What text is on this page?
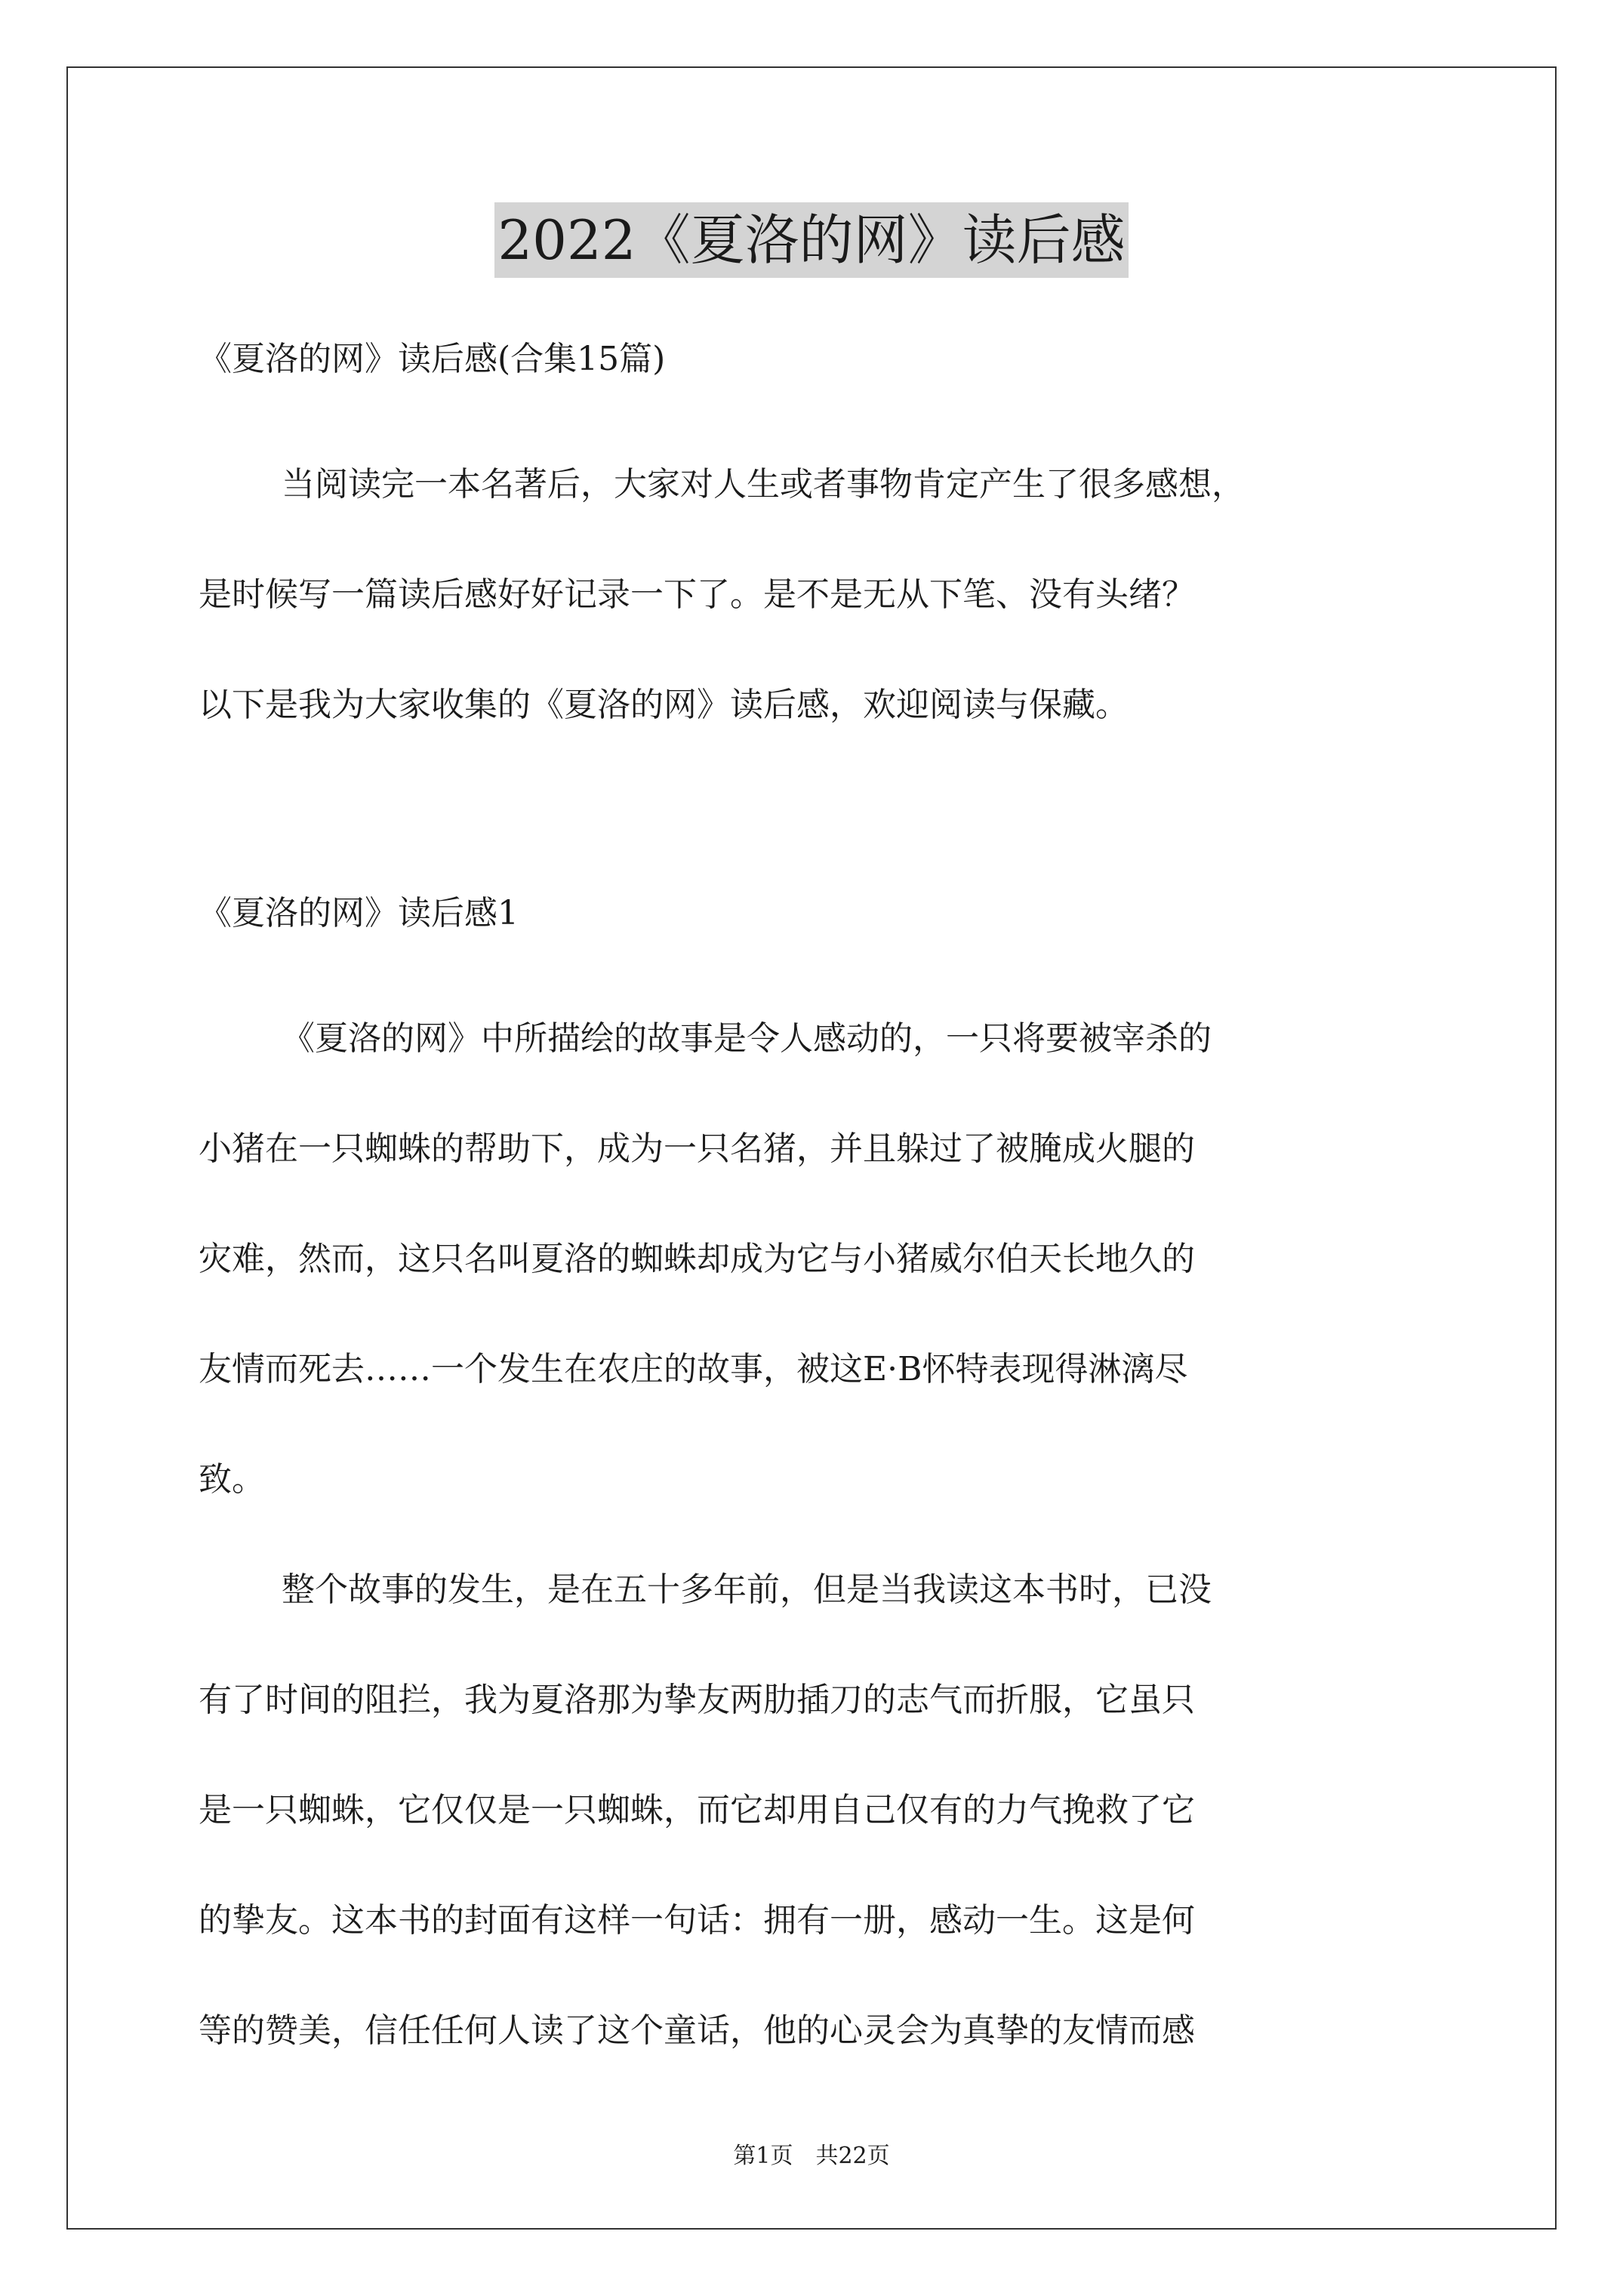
2022《夏洛的网》读后感
《夏洛的网》读后感(合集15篇)
当阅读完一本名著后，大家对人生或者事物肯定产生了很多感想，
是时候写一篇读后感好好记录一下了。是不是无从下笔、没有头绪？
以下是我为大家收集的《夏洛的网》读后感，欢迎阅读与保藏。
《夏洛的网》读后感1
《夏洛的网》中所描绘的故事是令人感动的，一只将要被宰杀的
小猪在一只蜘蛛的帮助下，成为一只名猪，并且躲过了被腌成火腿的
灾难，然而，这只名叫夏洛的蜘蛛却成为它与小猪威尔伯天长地久的
友情而死去……一个发生在农庄的故事，被这E·B怀特表现得淋漓尽
致。
整个故事的发生，是在五十多年前，但是当我读这本书时，已没
有了时间的阻拦，我为夏洛那为挚友两肋插刀的志气而折服，它虽只
是一只蜘蛛，它仅仅是一只蜘蛛，而它却用自己仅有的力气挽救了它
的挚友。这本书的封面有这样一句话：拥有一册，感动一生。这是何
等的赞美，信任任何人读了这个童话，他的心灵会为真挚的友情而感
第1页　共22页
